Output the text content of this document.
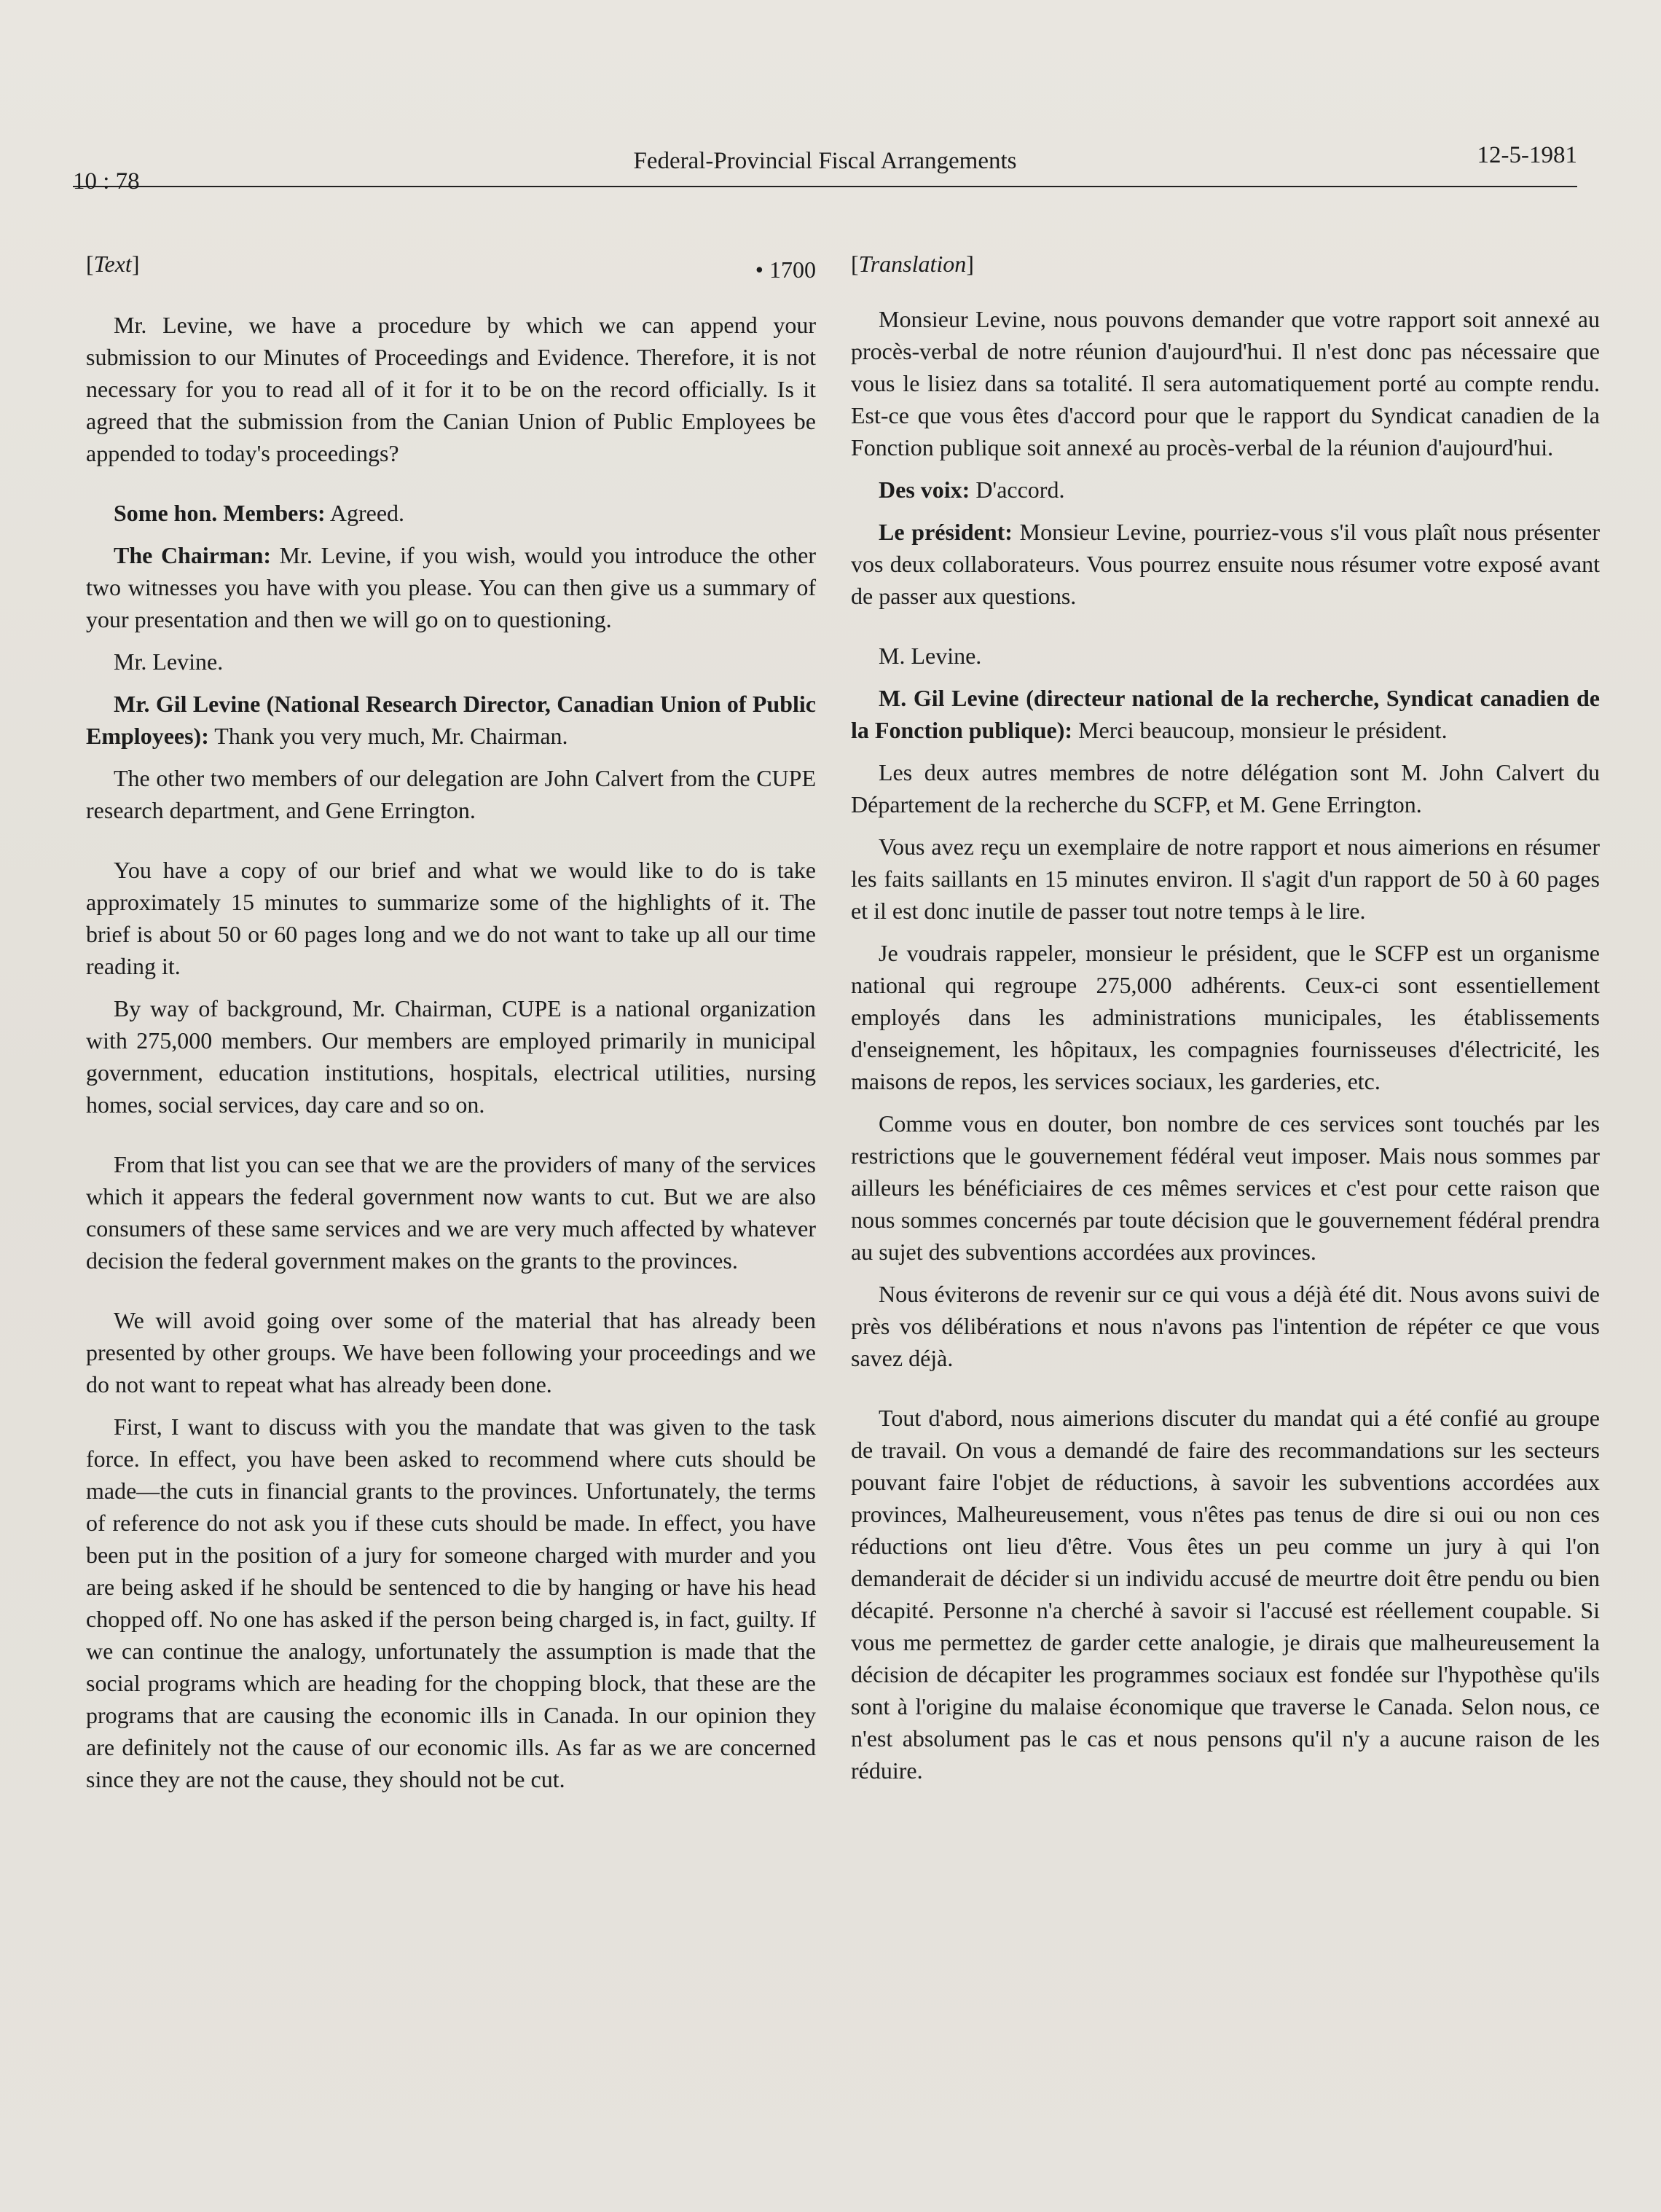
10 : 78
Federal-Provincial Fiscal Arrangements	12-5-1981

[Text]	• 1700

Mr. Levine, we have a procedure by which we can append your submission to our Minutes of Proceedings and Evidence. Therefore, it is not necessary for you to read all of it for it to be on the record officially. Is it agreed that the submission from the Canian Union of Public Employees be appended to today's proceedings?

Some hon. Members: Agreed.

The Chairman: Mr. Levine, if you wish, would you introduce the other two witnesses you have with you please. You can then give us a summary of your presentation and then we will go on to questioning.

Mr. Levine.

Mr. Gil Levine (National Research Director, Canadian Union of Public Employees): Thank you very much, Mr. Chairman.

The other two members of our delegation are John Calvert from the CUPE research department, and Gene Errington.

You have a copy of our brief and what we would like to do is take approximately 15 minutes to summarize some of the highlights of it. The brief is about 50 or 60 pages long and we do not want to take up all our time reading it.

By way of background, Mr. Chairman, CUPE is a national organization with 275,000 members. Our members are employed primarily in municipal government, education institutions, hospitals, electrical utilities, nursing homes, social services, day care and so on.

From that list you can see that we are the providers of many of the services which it appears the federal government now wants to cut. But we are also consumers of these same services and we are very much affected by whatever decision the federal government makes on the grants to the provinces.

We will avoid going over some of the material that has already been presented by other groups. We have been following your proceedings and we do not want to repeat what has already been done.

First, I want to discuss with you the mandate that was given to the task force. In effect, you have been asked to recommend where cuts should be made—the cuts in financial grants to the provinces. Unfortunately, the terms of reference do not ask you if these cuts should be made. In effect, you have been put in the position of a jury for someone charged with murder and you are being asked if he should be sentenced to die by hanging or have his head chopped off. No one has asked if the person being charged is, in fact, guilty. If we can continue the analogy, unfortunately the assumption is made that the social programs which are heading for the chopping block, that these are the programs that are causing the economic ills in Canada. In our opinion they are definitely not the cause of our economic ills. As far as we are concerned since they are not the cause, they should not be cut.

[Translation]

Monsieur Levine, nous pouvons demander que votre rapport soit annexé au procès-verbal de notre réunion d'aujourd'hui. Il n'est donc pas nécessaire que vous le lisiez dans sa totalité. Il sera automatiquement porté au compte rendu. Est-ce que vous êtes d'accord pour que le rapport du Syndicat canadien de la Fonction publique soit annexé au procès-verbal de la réunion d'aujourd'hui.

Des voix: D'accord.

Le président: Monsieur Levine, pourriez-vous s'il vous plaît nous présenter vos deux collaborateurs. Vous pourrez ensuite nous résumer votre exposé avant de passer aux questions.

M. Levine.

M. Gil Levine (directeur national de la recherche, Syndicat canadien de la Fonction publique): Merci beaucoup, monsieur le président.

Les deux autres membres de notre délégation sont M. John Calvert du Département de la recherche du SCFP, et M. Gene Errington.

Vous avez reçu un exemplaire de notre rapport et nous aimerions en résumer les faits saillants en 15 minutes environ. Il s'agit d'un rapport de 50 à 60 pages et il est donc inutile de passer tout notre temps à le lire.

Je voudrais rappeler, monsieur le président, que le SCFP est un organisme national qui regroupe 275,000 adhérents. Ceux-ci sont essentiellement employés dans les administrations municipales, les établissements d'enseignement, les hôpitaux, les compagnies fournisseuses d'électricité, les maisons de repos, les services sociaux, les garderies, etc.

Comme vous en douter, bon nombre de ces services sont touchés par les restrictions que le gouvernement fédéral veut imposer. Mais nous sommes par ailleurs les bénéficiaires de ces mêmes services et c'est pour cette raison que nous sommes concernés par toute décision que le gouvernement fédéral prendra au sujet des subventions accordées aux provinces.

Nous éviterons de revenir sur ce qui vous a déjà été dit. Nous avons suivi de près vos délibérations et nous n'avons pas l'intention de répéter ce que vous savez déjà.

Tout d'abord, nous aimerions discuter du mandat qui a été confié au groupe de travail. On vous a demandé de faire des recommandations sur les secteurs pouvant faire l'objet de réductions, à savoir les subventions accordées aux provinces, Malheureusement, vous n'êtes pas tenus de dire si oui ou non ces réductions ont lieu d'être. Vous êtes un peu comme un jury à qui l'on demanderait de décider si un individu accusé de meurtre doit être pendu ou bien décapité. Personne n'a cherché à savoir si l'accusé est réellement coupable. Si vous me permettez de garder cette analogie, je dirais que malheureusement la décision de décapiter les programmes sociaux est fondée sur l'hypothèse qu'ils sont à l'origine du malaise économique que traverse le Canada. Selon nous, ce n'est absolument pas le cas et nous pensons qu'il n'y a aucune raison de les réduire.
